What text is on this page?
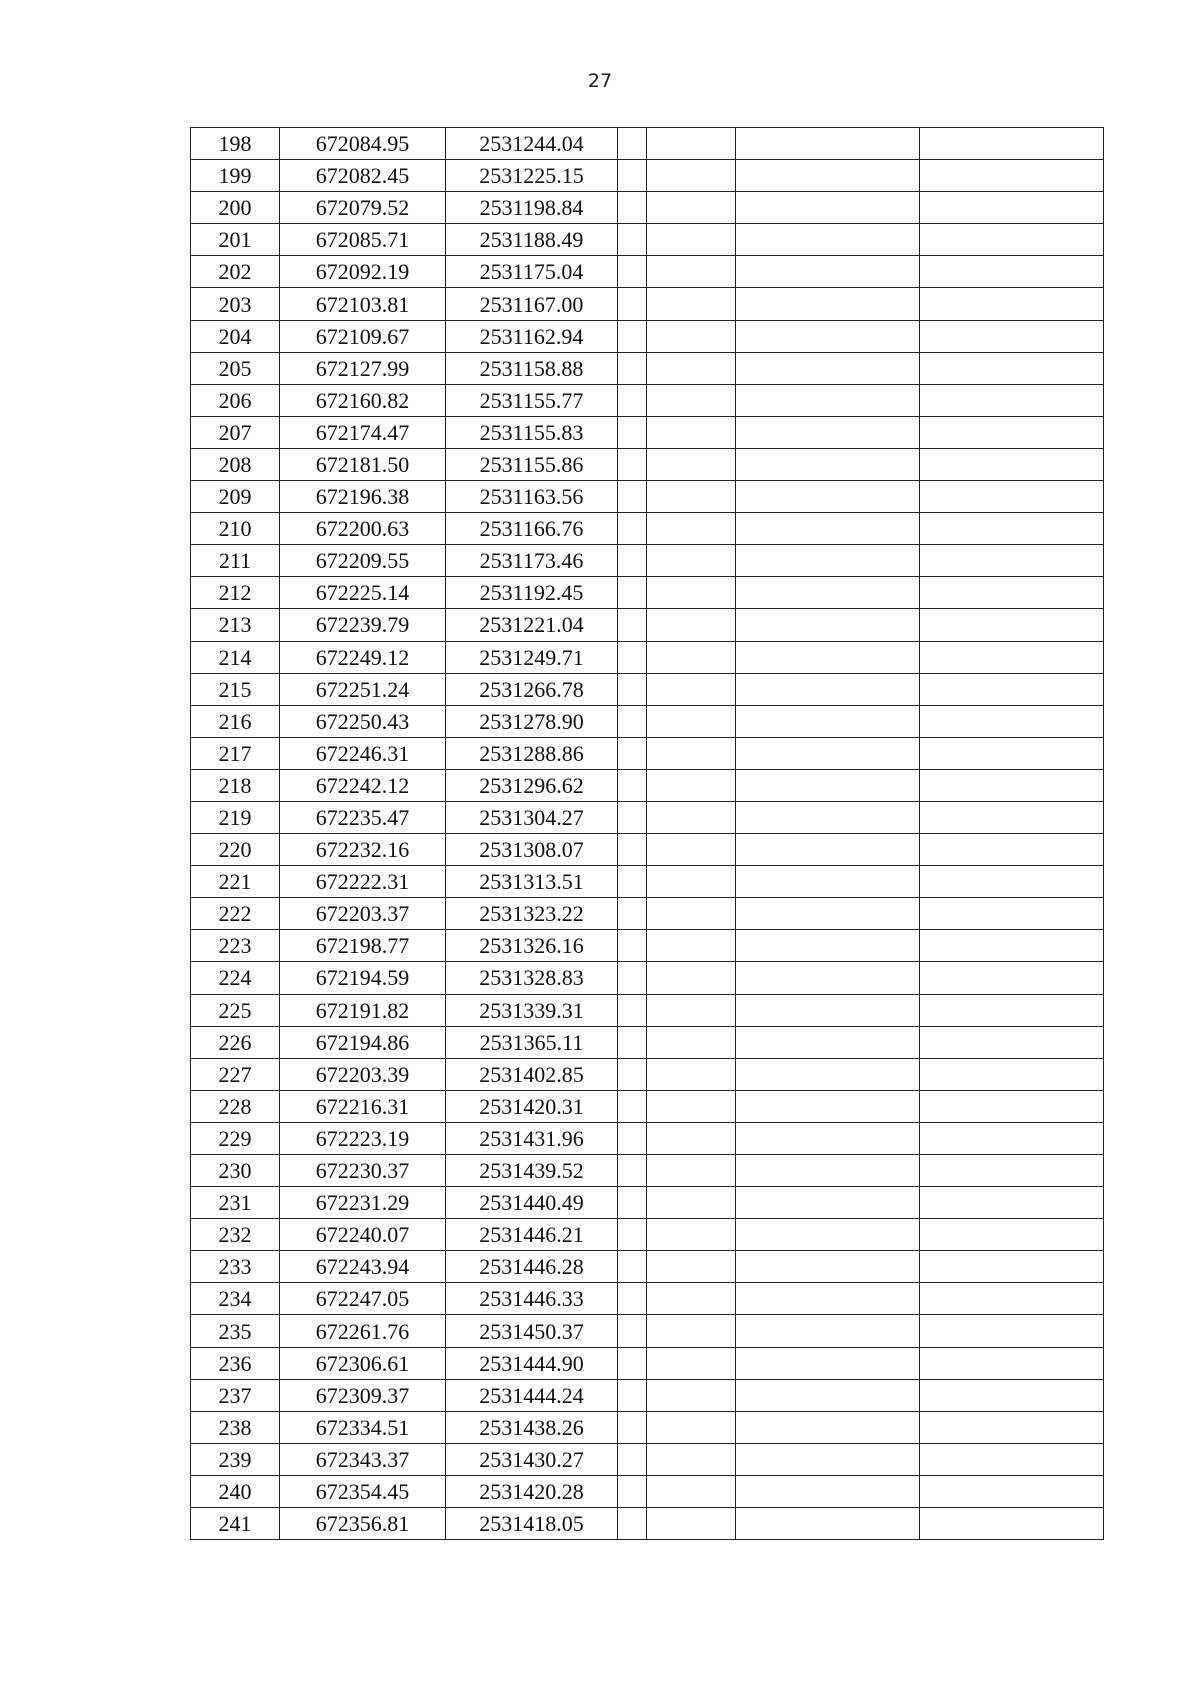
27
198	672084.95	2531244.04				
199	672082.45	2531225.15				
200	672079.52	2531198.84				
201	672085.71	2531188.49				
202	672092.19	2531175.04				
203	672103.81	2531167.00				
204	672109.67	2531162.94				
205	672127.99	2531158.88				
206	672160.82	2531155.77				
207	672174.47	2531155.83				
208	672181.50	2531155.86				
209	672196.38	2531163.56				
210	672200.63	2531166.76				
211	672209.55	2531173.46				
212	672225.14	2531192.45				
213	672239.79	2531221.04				
214	672249.12	2531249.71				
215	672251.24	2531266.78				
216	672250.43	2531278.90				
217	672246.31	2531288.86				
218	672242.12	2531296.62				
219	672235.47	2531304.27				
220	672232.16	2531308.07				
221	672222.31	2531313.51				
222	672203.37	2531323.22				
223	672198.77	2531326.16				
224	672194.59	2531328.83				
225	672191.82	2531339.31				
226	672194.86	2531365.11				
227	672203.39	2531402.85				
228	672216.31	2531420.31				
229	672223.19	2531431.96				
230	672230.37	2531439.52				
231	672231.29	2531440.49				
232	672240.07	2531446.21				
233	672243.94	2531446.28				
234	672247.05	2531446.33				
235	672261.76	2531450.37				
236	672306.61	2531444.90				
237	672309.37	2531444.24				
238	672334.51	2531438.26				
239	672343.37	2531430.27				
240	672354.45	2531420.28				
241	672356.81	2531418.05				
